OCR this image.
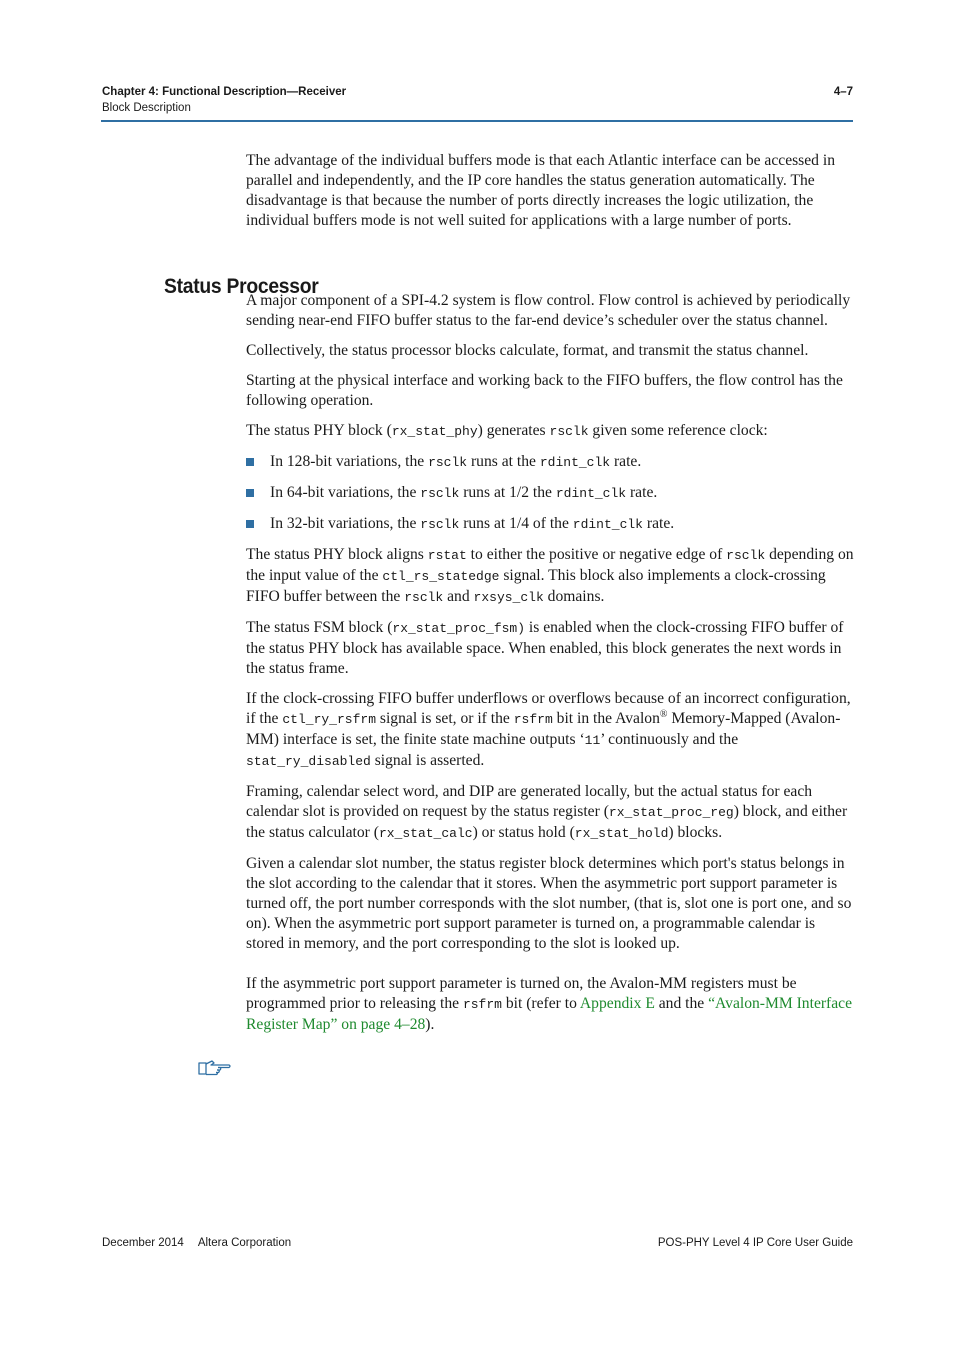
Chapter 4: Functional Description—Receiver
Block Description
4–7
Status Processor

The advantage of the individual buffers mode is that each Atlantic interface can be accessed in parallel and independently, and the IP core handles the status generation automatically. The disadvantage is that because the number of ports directly increases the logic utilization, the individual buffers mode is not well suited for applications with a large number of ports.

A major component of a SPI-4.2 system is flow control. Flow control is achieved by periodically sending near-end FIFO buffer status to the far-end device’s scheduler over the status channel.

Collectively, the status processor blocks calculate, format, and transmit the status channel.

Starting at the physical interface and working back to the FIFO buffers, the flow control has the following operation.

The status PHY block (rx_stat_phy) generates rsclk given some reference clock:

In 128-bit variations, the rsclk runs at the rdint_clk rate.
In 64-bit variations, the rsclk runs at 1/2 the rdint_clk rate.
In 32-bit variations, the rsclk runs at 1/4 of the rdint_clk rate.

The status PHY block aligns rstat to either the positive or negative edge of rsclk depending on the input value of the ctl_rs_statedge signal. This block also implements a clock-crossing FIFO buffer between the rsclk and rxsys_clk domains.

The status FSM block (rx_stat_proc_fsm) is enabled when the clock-crossing FIFO buffer of the status PHY block has available space. When enabled, this block generates the next words in the status frame.

If the clock-crossing FIFO buffer underflows or overflows because of an incorrect configuration, if the ctl_ry_rsfrm signal is set, or if the rsfrm bit in the Avalon® Memory-Mapped (Avalon-MM) interface is set, the finite state machine outputs ‘11’ continuously and the stat_ry_disabled signal is asserted.

Framing, calendar select word, and DIP are generated locally, but the actual status for each calendar slot is provided on request by the status register (rx_stat_proc_reg) block, and either the status calculator (rx_stat_calc) or status hold (rx_stat_hold) blocks.

Given a calendar slot number, the status register block determines which port's status belongs in the slot according to the calendar that it stores. When the asymmetric port support parameter is turned off, the port number corresponds with the slot number, (that is, slot one is port one, and so on). When the asymmetric port support parameter is turned on, a programmable calendar is stored in memory, and the port corresponding to the slot is looked up.

If the asymmetric port support parameter is turned on, the Avalon-MM registers must be programmed prior to releasing the rsfrm bit (refer to Appendix E and the “Avalon-MM Interface Register Map” on page 4–28).

December 2014 Altera Corporation	POS-PHY Level 4 IP Core User Guide
